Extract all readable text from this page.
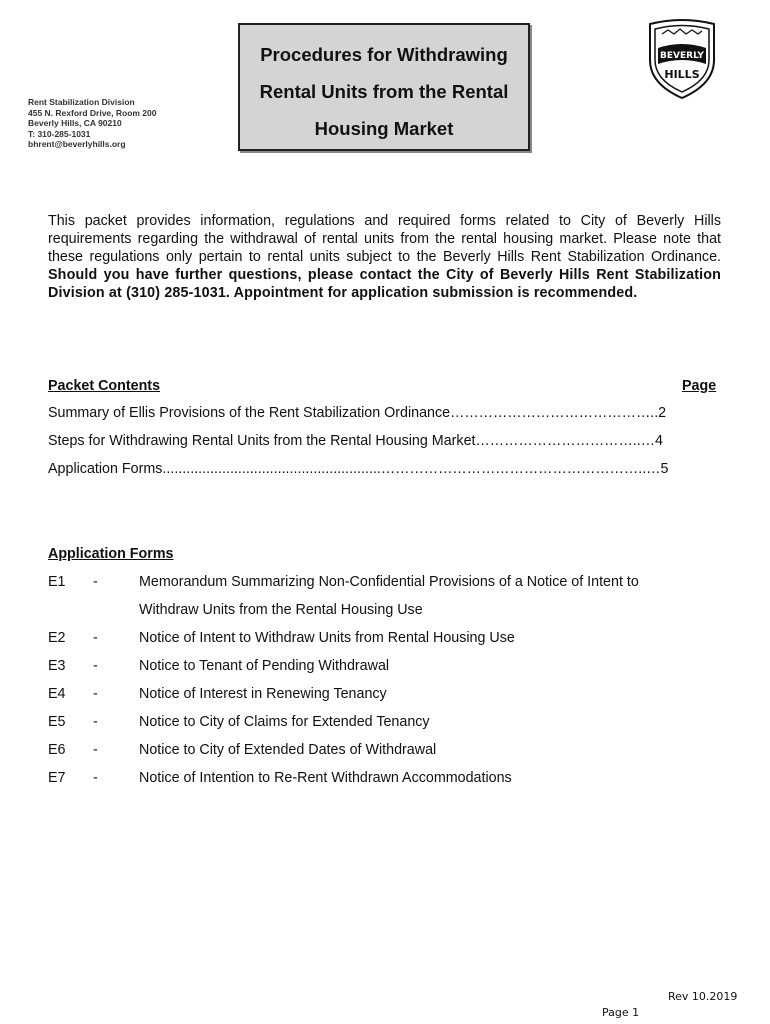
Rent Stabilization Division
455 N. Rexford Drive, Room 200
Beverly Hills, CA 90210
T: 310-285-1031
bhrent@beverlyhills.org
Procedures for Withdrawing
Rental Units from the Rental
Housing Market
BEVERLY
HILLS
This packet provides information, regulations and required forms related to City of Beverly Hills requirements regarding the withdrawal of rental units from the rental housing market. Please note that these regulations only pertain to rental units subject to the Beverly Hills Rent Stabilization Ordinance. Should you have further questions, please contact the City of Beverly Hills Rent Stabilization Division at (310) 285-1031. Appointment for application submission is recommended.
Packet Contents	Page
Summary of Ellis Provisions of the Rent Stabilization Ordinance……………………………………..2
Steps for Withdrawing Rental Units from the Rental Housing Market……………………………..…4
Application Forms.......................................................………………………………………………..…5
Application Forms
E1 -	Memorandum Summarizing Non-Confidential Provisions of a Notice of Intent to
Withdraw Units from the Rental Housing Use
E2 -	Notice of Intent to Withdraw Units from Rental Housing Use
E3 -	Notice to Tenant of Pending Withdrawal
E4 -	Notice of Interest in Renewing Tenancy
E5 -	Notice to City of Claims for Extended Tenancy
E6 -	Notice to City of Extended Dates of Withdrawal
E7 -	Notice of Intention to Re-Rent Withdrawn Accommodations
Rev 10.2019
Page 1
